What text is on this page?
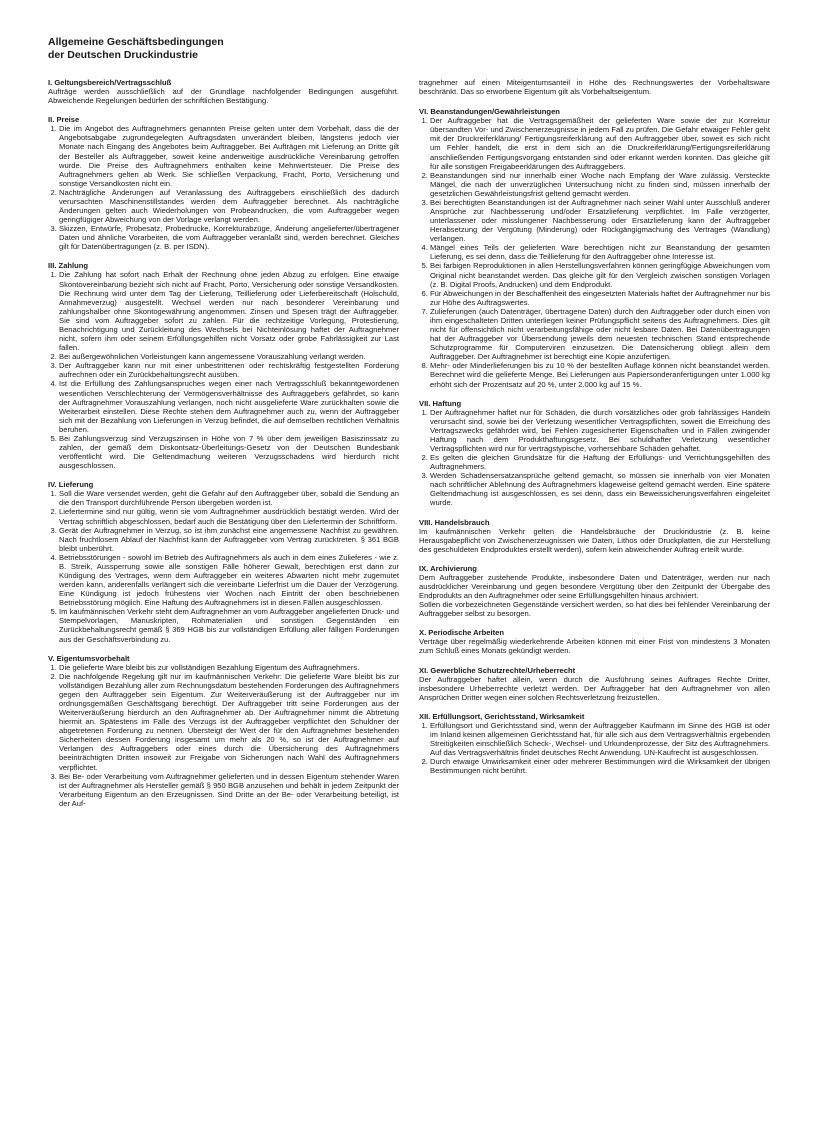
Allgemeine Geschäftsbedingungen
der Deutschen Druckindustrie
I. Geltungsbereich/Vertragsschluß

Aufträge werden ausschließlich auf der Grundlage nachfolgender Bedingungen ausgeführt. Abweichende Regelungen bedürfen der schriftlichen Bestätigung.

II. Preise
1. Die im Angebot des Auftragnehmers genannten Preise gelten unter dem Vorbehalt, dass die der Angebotsabgabe zugrundegelegten Auftragsdaten unverändert bleiben, längstens jedoch vier Monate nach Eingang des Angebotes beim Auftraggeber. Bei Aufträgen mit Lieferung an Dritte gilt der Besteller als Auftraggeber, soweit keine anderweitige ausdrückliche Vereinbarung getroffen wurde. Die Preise des Auftragnehmers enthalten keine Mehrwertsteuer. Die Preise des Auftragnehmers gelten ab Werk. Sie schließen Verpackung, Fracht, Porto, Versicherung und sonstige Versandkosten nicht ein.
2. Nachträgliche Änderungen auf Veranlassung des Auftraggebers einschließlich des dadurch verursachten Maschinenstillstandes werden dem Auftraggeber berechnet. Als nachträgliche Änderungen gelten auch Wiederholungen von Probeandrucken, die vom Auftraggeber wegen geringfügiger Abweichung von der Vorlage verlangt werden.
3. Skizzen, Entwürfe, Probesatz, Probedrucke, Korrekturabzüge, Änderung angelieferter/übertragener Daten und ähnliche Vorarbeiten, die vom Auftraggeber veranlaßt sind, werden berechnet. Gleiches gilt für Datenübertragungen (z. B. per ISDN).
III. Zahlung
1. Die Zahlung hat sofort nach Erhalt der Rechnung ohne jeden Abzug zu erfolgen. Eine etwaige Skontovereinbarung bezieht sich nicht auf Fracht, Porto, Versicherung oder sonstige Versandkosten. Die Rechnung wird unter dem Tag der Lieferung, Teillieferung oder Lieferbereitschaft (Holschuld, Annahmeverzug) ausgestellt. Wechsel werden nur nach besonderer Vereinbarung und zahlungshalber ohne Skontogewährung angenommen. Zinsen und Spesen trägt der Auftraggeber. Sie sind vom Auftraggeber sofort zu zahlen. Für die rechtzeitige Vorlegung, Protestierung, Benachrichtigung und Zurückleitung des Wechsels bei Nichteinlösung haftet der Auftragnehmer nicht, sofern ihm oder seinem Erfüllungsgehilfen nicht Vorsatz oder grobe Fahrlässigkeit zur Last fallen.
2. Bei außergewöhnlichen Vorleistungen kann angemessene Vorauszahlung verlangt werden.
3. Der Auftraggeber kann nur mit einer unbestrittenen oder rechtskräftig festgestellten Forderung aufrechnen oder ein Zurückbehaltungsrecht ausüben.
4. Ist die Erfüllung des Zahlungsanspruches wegen einer nach Vertragsschluß bekanntgewordenen wesentlichen Verschlechterung der Vermögensverhältnisse des Auftraggebers gefährdet, so kann der Auftragnehmer Vorauszahlung verlangen, noch nicht ausgelieferte Ware zurückhalten sowie die Weiterarbeit einstellen. Diese Rechte stehen dem Auftragnehmer auch zu, wenn der Auftraggeber sich mit der Bezahlung von Lieferungen in Verzug befindet, die auf demselben rechtlichen Verhältnis beruhen.
5. Bei Zahlungsverzug sind Verzugszinsen in Höhe von 7 % über dem jeweiligen Basiszinssatz zu zahlen, der gemäß dem Diskontsatz-Überleitungs-Gesetz von der Deutschen Bundesbank veröffentlicht wird. Die Geltendmachung weiteren Verzugsschadens wird hierdurch nicht ausgeschlossen.
IV. Lieferung
1. Soll die Ware versendet werden, geht die Gefahr auf den Auftraggeber über, sobald die Sendung an die den Transport durchführende Person übergeben worden ist.
2. Liefertermine sind nur gültig, wenn sie vom Auftragnehmer ausdrücklich bestätigt werden. Wird der Vertrag schriftlich abgeschlossen, bedarf auch die Bestätigung über den Liefertermin der Schriftform.
3. Gerät der Auftragnehmer in Verzug, so ist ihm zunächst eine angemessene Nachfrist zu gewähren. Nach fruchtlosem Ablauf der Nachfrist kann der Auftraggeber vom Vertrag zurücktreten. § 361 BGB bleibt unberührt.
4. Betriebsstörungen - sowohl im Betrieb des Auftragnehmers als auch in dem eines Zulieferes - wie z. B. Streik, Aussperrung sowie alle sonstigen Fälle höherer Gewalt, berechtigen erst dann zur Kündigung des Vertrages, wenn dem Auftraggeber ein weiteres Abwarten nicht mehr zugemutet werden kann, anderenfalls verlängert sich die vereinbarte Lieferfrist um die Dauer der Verzögerung. Eine Kündigung ist jedoch frühestens vier Wochen nach Eintritt der oben beschriebenen Betriebsstörung möglich. Eine Haftung des Auftragnehmers ist in diesen Fällen ausgeschlossen.
5. Im kaufmännischen Verkehr steht dem Auftragnehmer an vom Auftraggeber angelieferten Druck- und Stempelvorlagen, Manuskripten, Rohmaterialien und sonstigen Gegenständen ein Zurückbehaltungsrecht gemäß § 369 HGB bis zur vollständigen Erfüllung aller fälligen Forderungen aus der Geschäftsverbindung zu.
V. Eigentumsvorbehalt
1. Die gelieferte Ware bleibt bis zur vollständigen Bezahlung Eigentum des Auftragnehmers.
2. Die nachfolgende Regelung gilt nur im kaufmännischen Verkehr: Die gelieferte Ware bleibt bis zur vollständigen Bezahlung aller zum Rechnungsdatum bestehenden Forderungen des Auftragnehmers gegen den Auftraggeber sein Eigentum. Zur Weiterveräußerung ist der Auftraggeber nur im ordnungsgemäßen Geschäftsgang berechtigt. Der Auftraggeber tritt seine Forderungen aus der Weiterveräußerung hierdurch an den Auftragnehmer ab. Der Auftragnehmer nimmt die Abtretung hiermit an. Spätestens im Falle des Verzugs ist der Auftraggeber verpflichtet den Schuldner der abgetretenen Forderung zu nennen. Übersteigt der Wert der für den Auftragnehmer bestehenden Sicherheiten dessen Forderung insgesamt um mehr als 20 %, so ist der Auftragnehmer auf Verlangen des Auftraggebers oder eines durch die Übersicherung des Auftragnehmers beeinträchtigten Dritten insoweit zur Freigabe von Sicherungen nach Wahl des Auftragnehmers verpflichtet.
3. Bei Be- oder Verarbeitung vom Auftragnehmer gelieferten und in dessen Eigentum stehender Waren ist der Auftragnehmer als Hersteller gemäß § 950 BGB anzusehen und behält in jedem Zeitpunkt der Verarbeitung Eigentum an den Erzeugnissen. Sind Dritte an der Be- oder Verarbeitung beteiligt, ist der Auf-

tragnehmer auf einen Miteigentumsanteil in Höhe des Rechnungswertes der Vorbehaltsware beschränkt. Das so erworbene Eigentum gilt als Vorbehaltseigentum.

VI. Beanstandungen/Gewährleistungen
1. Der Auftraggeber hat die Vertragsgemäßheit der gelieferten Ware sowie der zur Korrektur übersandten Vor- und Zwischenerzeugnisse in jedem Fall zu prüfen. Die Gefahr etwaiger Fehler geht mit der Druckreiferklärung/ Fertigungsreiferklärung auf den Auftraggeber über, soweit es sich nicht um Fehler handelt, die erst in dem sich an die Druckreiferklärung/Fertigungsreiferklärung anschließenden Fertigungsvorgang entstanden sind oder erkannt werden konnten. Das gleiche gilt für alle sonstigen Freigabeerklärungen des Auftraggebers.
2. Beanstandungen sind nur innerhalb einer Woche nach Empfang der Ware zulässig. Versteckte Mängel, die nach der unverzüglichen Untersuchung nicht zu finden sind, müssen innerhalb der gesetzlichen Gewährleistungsfrist geltend gemacht werden.
3. Bei berechtigten Beanstandungen ist der Auftragnehmer nach seiner Wahl unter Ausschluß anderer Ansprüche zur Nachbesserung und/oder Ersatzlieferung verpflichtet. Im Falle verzögerter, unterlassener oder misslungener Nachbesserung oder Ersatzlieferung kann der Auftraggeber Herabsetzung der Vergütung (Minderung) oder Rückgängigmachung des Vertrages (Wandlung) verlangen.
4. Mängel eines Teils der gelieferten Ware berechtigen nicht zur Beanstandung der gesamten Lieferung, es sei denn, dass die Teillieferung für den Auftraggeber ohne Interesse ist.
5. Bei farbigen Reproduktionen in allen Herstellungsverfahren können geringfügige Abweichungen vom Original nicht beanstandet werden. Das gleiche gilt für den Vergleich zwischen sonstigen Vorlagen (z. B. Digital Proofs, Andrucken) und dem Endprodukt.
6. Für Abweichungen in der Beschaffenheit des eingesetzten Materials haftet der Auftragnehmer nur bis zur Höhe des Auftragswertes.
7. Zulieferungen (auch Datenträger, übertragene Daten) durch den Auftraggeber oder durch einen von ihm eingeschalteten Dritten unterliegen keiner Prüfungspflicht seitens des Auftragnehmers. Dies gilt nicht für offensichtlich nicht verarbeitungsfähige oder nicht lesbare Daten. Bei Datenübertragungen hat der Auftraggeber vor Übersendung jeweils dem neuesten technischen Stand entsprechende Schutzprogramme für Computerviren einzusetzen. Die Datensicherung obliegt allein dem Auftraggeber. Der Auftragnehmer ist berechtigt eine Kopie anzufertigen.
8. Mehr- oder Minderlieferungen bis zu 10 % der bestellten Auflage können nicht beanstandet werden. Berechnet wird die gelieferte Menge. Bei Lieferungen aus Papiersonderanfertigungen unter 1.000 kg erhöht sich der Prozentsatz auf 20 %, unter 2.000 kg auf 15 %.
VII. Haftung
1. Der Auftragnehmer haftet nur für Schäden, die durch vorsätzliches oder grob fahrlässiges Handeln verursacht sind, sowie bei der Verletzung wesentlicher Vertragspflichten, soweit die Erreichung des Vertragszwecks gefährdet wird, bei Fehlen zugesicherter Eigenschaften und in Fällen zwingender Haftung nach dem Produkthaftungsgesetz. Bei schuldhafter Verletzung wesentlicher Vertragspflichten wird nur für vertragstypische, vorhersehbare Schäden gehaftet.
2. Es gelten die gleichen Grundsätze für die Haftung der Erfüllungs- und Verrichtungsgehilfen des Auftragnehmers.
3. Werden Schadensersatzansprüche geltend gemacht, so müssen sie innerhalb von vier Monaten nach schriftlicher Ablehnung des Auftragnehmers klageweise geltend gemacht werden. Eine spätere Geltendmachung ist ausgeschlossen, es sei denn, dass ein Beweissicherungsverfahren eingeleitet wurde.
VIII. Handelsbrauch

Im kaufmännischen Verkehr gelten die Handelsbräuche der Druckindustrie (z. B. keine Herausgabepflicht von Zwischenerzeugnissen wie Daten, Lithos oder Druckplatten, die zur Herstellung des geschuldeten Endproduktes erstellt werden), sofern kein abweichender Auftrag erteilt wurde.

IX. Archivierung

Dem Auftraggeber zustehende Produkte, insbesondere Daten und Datenträger, werden nur nach ausdrücklicher Vereinbarung und gegen besondere Vergütung über den Zeitpunkt der Übergabe des Endprodukts an den Auftragnehmer oder seine Erfüllungsgehilfen hinaus archiviert.

Sollen die vorbezeichneten Gegenstände versichert werden, so hat dies bei fehlender Vereinbarung der Auftraggeber selbst zu besorgen.

X. Periodische Arbeiten

Verträge über regelmäßig wiederkehrende Arbeiten können mit einer Frist von mindestens 3 Monaten zum Schluß eines Monats gekündigt werden.

XI. Gewerbliche Schutzrechte/Urheberrecht

Der Auftraggeber haftet allein, wenn durch die Ausführung seines Auftrages Rechte Dritter, insbesondere Urheberrechte verletzt werden. Der Auftraggeber hat den Auftragnehmer von allen Ansprüchen Dritter wegen einer solchen Rechtsverletzung freizustellen.

XII. Erfüllungsort, Gerichtsstand, Wirksamkeit
1. Erfüllungsort und Gerichtsstand sind, wenn der Auftraggeber Kaufmann im Sinne des HGB ist oder im Inland keinen allgemeinen Gerichtsstand hat, für alle sich aus dem Vertragsverhältnis ergebenden Streitigkeiten einschließlich Scheck-, Wechsel- und Urkundenprozesse, der Sitz des Auftragnehmers. Auf das Vertragsverhältnis findet deutsches Recht Anwendung. UN-Kaufrecht ist ausgeschlossen.
2. Durch etwaige Unwirksamkeit einer oder mehrerer Bestimmungen wird die Wirksamkeit der übrigen Bestimmungen nicht berührt.
